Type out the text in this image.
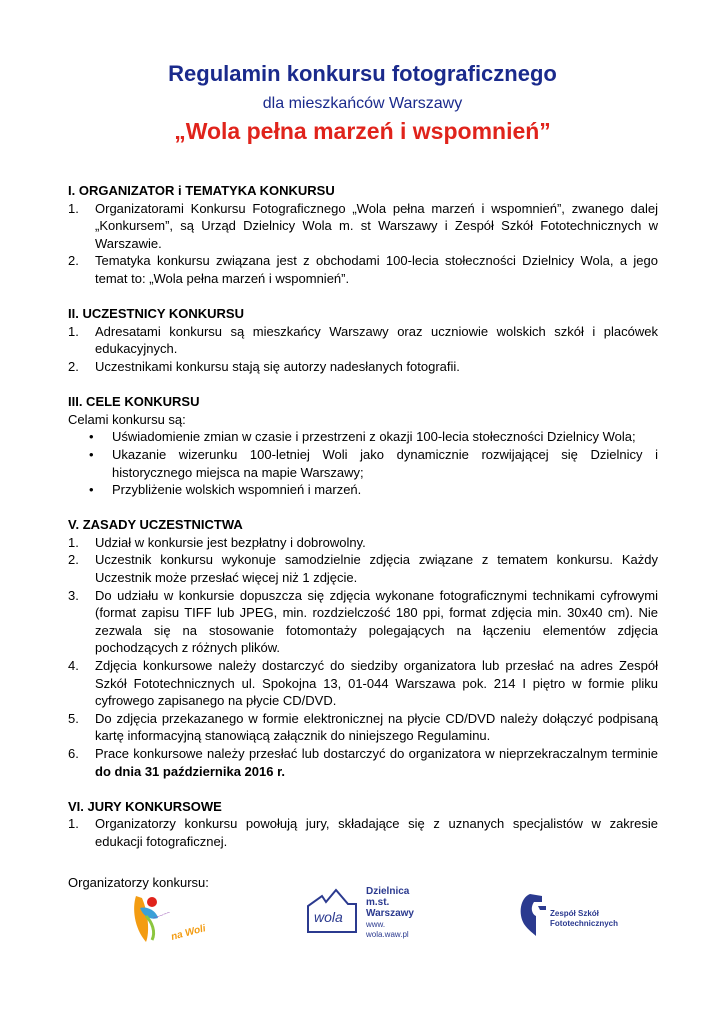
Regulamin konkursu fotograficznego
dla mieszkańców Warszawy
„Wola pełna marzeń i wspomnień”

I. ORGANIZATOR i TEMATYKA KONKURSU

1. Organizatorami Konkursu Fotograficznego „Wola pełna marzeń i wspomnień”, zwanego dalej „Konkursem”, są Urząd Dzielnicy Wola m. st Warszawy i Zespół Szkół Fototechnicznych w Warszawie.
2. Tematyka konkursu związana jest z obchodami 100-lecia stołeczności Dzielnicy Wola, a jego temat to: „Wola pełna marzeń i wspomnień”.

II. UCZESTNICY KONKURSU

1. Adresatami konkursu są mieszkańcy Warszawy oraz uczniowie wolskich szkół i placówek edukacyjnych.
2. Uczestnikami konkursu stają się autorzy nadesłanych fotografii.

III. CELE KONKURSU

Celami konkursu są:

• Uświadomienie zmian w czasie i przestrzeni z okazji 100-lecia stołeczności Dzielnicy Wola;
• Ukazanie wizerunku 100-letniej Woli jako dynamicznie rozwijającej się Dzielnicy i historycznego miejsca na mapie Warszawy;
• Przybliżenie wolskich wspomnień i marzeń.

V. ZASADY UCZESTNICTWA

1. Udział w konkursie jest bezpłatny i dobrowolny.
2. Uczestnik konkursu wykonuje samodzielnie zdjęcia związane z tematem konkursu. Każdy Uczestnik może przesłać więcej niż 1 zdjęcie.
3. Do udziału w konkursie dopuszcza się zdjęcia wykonane fotograficznymi technikami cyfrowymi (format zapisu TIFF lub JPEG, min. rozdzielczość 180 ppi, format zdjęcia min. 30x40 cm). Nie zezwala się na stosowanie fotomontaży polegających na łączeniu elementów zdjęcia pochodzących z różnych plików.
4. Zdjęcia konkursowe należy dostarczyć do siedziby organizatora lub przesłać na adres Zespół Szkół Fototechnicznych ul. Spokojna 13, 01-044 Warszawa pok. 214 I piętro w formie pliku cyfrowego zapisanego na płycie CD/DVD.
5. Do zdjęcia przekazanego w formie elektronicznej na płycie CD/DVD należy dołączyć podpisaną kartę informacyjną stanowiącą załącznik do niniejszego Regulaminu.
6. Prace konkursowe należy przesłać lub dostarczyć do organizatora w nieprzekraczalnym terminie do dnia 31 października 2016 r.

VI. JURY KONKURSOWE

1. Organizatorzy konkursu powołują jury, składające się z uznanych specjalistów w zakresie edukacji fotograficznej.
Organizatorzy konkursu:
~~~~~
na Woli
wola
Dzielnica
m.st.
Warszawy
www.
wola.waw.pl
Zespół Szkół
Fototechnicznych
